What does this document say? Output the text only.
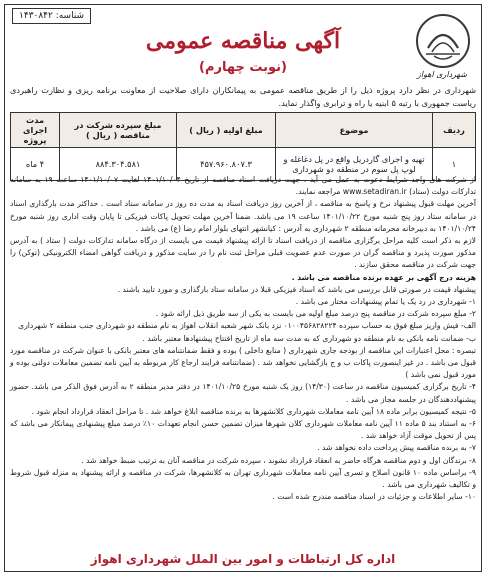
شناسه: ۱۴۳۰۸۴۲
شهرداری اهواز
آگهی مناقصه عمومی
(نوبت چهارم)
شهرداری در نظر دارد پروژه ذیل را از طریق مناقصه عمومی به پیمانکاران دارای صلاحیت از معاونت برنامه ریزی و نظارت راهبردی ریاست جمهوری با رتبه ۵ ابنیه یا راه و ترابری واگذار نماید.
ردیف	موضوع	مبلغ اولیه ( ریال )	مبلغ سپرده شرکت در مناقصه ( ریال )	مدت اجرای پروژه
۱	تهیه و اجرای گاردریل واقع در پل دغاغله و لوپ پل سوم در منطقه دو شهرداری	۴۵۷.۹۶۰.۸۰۷.۳	۸۸۴.۳۰۴.۵۸۱	۴ ماه

از شرکت های واجد شرایط دعوت به عمل می آید ، جهت دریافت اسناد مناقصه از تاریخ ۱۴۰۱/۱۰/۰۴ لغایت ۱۴۰۱/۱۰/۰۷ ساعت ۱۹ به سامانه تدارکات دولت (ستاد) www.setadiran.ir مراجعه نمایند.

آخرین مهلت قبول پیشنهاد نرخ و پاسخ به مناقصه ، از آخرین روز دریافت اسناد به مدت ده روز در سامانه ستاد است . حداکثر مدت بارگذاری اسناد در سامانه ستاد روز پنج شنبه مورخ ۱۴۰۱/۱۰/۲۲ ساعت ۱۹ می باشد. ضمنا آخرین مهلت تحویل پاکات فیزیکی تا پایان وقت اداری روز شنبه مورخ ۱۴۰۱/۱۰/۲۴ به دبیرخانه محرمانه منطقه ۲ شهرداری به آدرس : کیانشهر انتهای بلوار امام رضا (ع) می باشد .

لازم به ذکر است کلیه مراحل برگزاری مناقصه از دریافت اسناد تا ارائه پیشنهاد قیمت می بایست از درگاه سامانه تدارکات دولت ( ستاد ) به آدرس مذکور صورت پذیرد و مناقصه گران در صورت عدم عضویت قبلی مراحل ثبت نام را در سایت مذکور و دریافت گواهی امضاء الکترونیکی (توکن) را جهت شرکت در مناقصه محقق سازند .

هزینه درج آگهی بر عهده برنده مناقصه می باشد .

پیشنهاد قیمت در صورتی قابل بررسی می باشد که اسناد فیزیکی قبلا در سامانه ستاد بارگذاری و مورد تایید باشند .

۱- شهرداری در رد یک یا تمام پیشنهادات مختار می باشد .

۲- مبلغ سپرده شرکت در مناقصه پنج درصد مبلغ اولیه می بایست به یکی از سه طریق ذیل ارائه شود .

الف- فیش واریز مبلغ فوق به حساب سپرده ۰۱۰۰۴۵۶۸۲۸۲۲۴ نزد بانک شهر شعبه انقلاب اهواز به نام منطقه دو شهرداری جنب منطقه ۲ شهرداری

ب- ضمانت نامه بانکی به نام منطقه دو شهرداری که به مدت سه ماه از تاریخ افتتاح پیشنهادها معتبر باشد .

تبصره : محل اعتبارات این مناقصه از بودجه جاری شهرداری ( منابع داخلی ) بوده و فقط ضمانتنامه های معتبر بانکی با عنوان شرکت در مناقصه مورد قبول می باشد . در غیر اینصورت پاکات ب و ج بازگشایی نخواهد شد . (ضمانتنامه فرایند ارجاع کار مربوطه به آیین نامه تضمین معاملات دولتی بوده و مورد قبول نمی باشد )

۴- تاریخ برگزاری کمیسیون مناقصه در ساعت (۱۴/۳۰) روز یک شنبه مورخ ۱۴۰۱/۱۰/۲۵ در دفتر مدیر منطقه ۲ به آدرس فوق الذکر می باشد. حضور پیشنهاددهندگان در جلسه مجاز می باشد .

۵- نتیجه کمیسیون برابر ماده ۱۸ آیین نامه معاملات شهرداری کلانشهرها به برنده مناقصه ابلاغ خواهد شد . تا مراحل انعقاد قرارداد انجام شود .

۶- به استناد بند ۵ ماده ۱۱ آیین نامه معاملات شهرداری کلان شهرها میزان تضمین حسن انجام تعهدات ۱۰٪ درصد مبلغ پیشنهادی پیمانکار می باشد که پس از تحویل موقت آزاد خواهد شد .

۷- به برنده مناقصه پیش پرداخت داده نخواهد شد .

۸- برندگان اول و دوم مناقصه هرگاه حاضر به انعقاد قرارداد نشوند ، سپرده شرکت در مناقصه آنان به ترتیب ضبط خواهد شد .

۹- براساس ماده ۱۰ قانون اصلاح و تسری آیین نامه معاملات شهرداری تهران به کلانشهرها، شرکت در مناقصه و ارائه پیشنهاد به منزله قبول شروط و تکالیف شهرداری می باشد .

۱۰- سایر اطلاعات و جزئیات در اسناد مناقصه مندرج شده است .

اداره کل ارتباطات و امور بین الملل شهرداری اهواز
